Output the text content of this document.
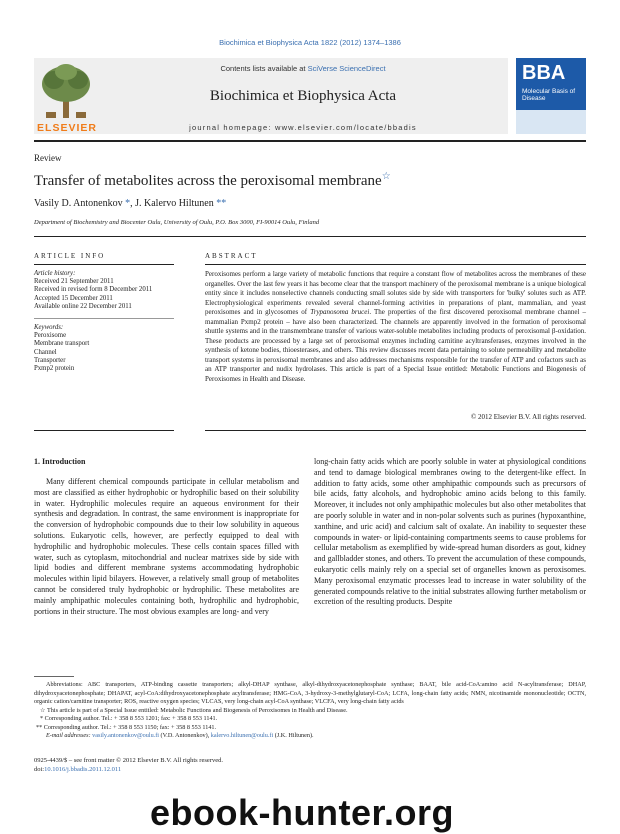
Biochimica et Biophysica Acta 1822 (2012) 1374–1386
ELSEVIER
Contents lists available at SciVerse ScienceDirect
Biochimica et Biophysica Acta
journal homepage: www.elsevier.com/locate/bbadis
BBA
Molecular Basis of Disease
Review
Transfer of metabolites across the peroxisomal membrane☆
Vasily D. Antonenkov *, J. Kalervo Hiltunen **
Department of Biochemistry and Biocenter Oulu, University of Oulu, P.O. Box 3000, FI-90014 Oulu, Finland
ARTICLE INFO
Article history:
Received 21 September 2011
Received in revised form 8 December 2011
Accepted 15 December 2011
Available online 22 December 2011
Keywords:
Peroxisome
Membrane transport
Channel
Transporter
Pxmp2 protein
ABSTRACT
Peroxisomes perform a large variety of metabolic functions that require a constant flow of metabolites across the membranes of these organelles. Over the last few years it has become clear that the transport machinery of the peroxisomal membrane is a unique biological entity since it includes nonselective channels conducting small solutes side by side with transporters for 'bulky' solutes such as ATP. Electrophysiological experiments revealed several channel-forming activities in preparations of plant, mammalian, and yeast peroxisomes and in glycosomes of Trypanosoma brucei. The properties of the first discovered peroxisomal membrane channel – mammalian Pxmp2 protein – have also been characterized. The channels are apparently involved in the formation of peroxisomal shuttle systems and in the transmembrane transfer of various water-soluble metabolites including products of peroxisomal β-oxidation. These products are processed by a large set of peroxisomal enzymes including carnitine acyltransferases, enzymes involved in the synthesis of ketone bodies, thioesterases, and others. This review discusses recent data pertaining to solute permeability and metabolite transport systems in peroxisomal membranes and also addresses mechanisms responsible for the transfer of ATP and cofactors such as an ATP transporter and nudix hydrolases. This article is part of a Special Issue entitled: Metabolic Functions and Biogenesis of Peroxisomes in Health and Disease.
© 2012 Elsevier B.V. All rights reserved.
1. Introduction

Many different chemical compounds participate in cellular metabolism and most are classified as either hydrophobic or hydrophilic based on their solubility in water. Hydrophilic molecules require an aqueous environment for their synthesis and degradation. In contrast, the same environment is inappropriate for the conversion of hydrophobic compounds due to their low solubility in aqueous solutions. Eukaryotic cells, however, are perfectly equipped to deal with hydrophilic and hydrophobic molecules. These cells contain spaces filled with water, such as cytoplasm, mitochondrial and nuclear matrixes side by side with lipid bodies and different membrane systems accommodating hydrophobic molecules within lipid bilayers. However, a relatively small group of metabolites cannot be considered truly hydrophobic or hydrophilic. These metabolites are mainly amphipathic molecules containing both, hydrophilic and hydrophobic, portions in their structure. The most obvious examples are long- and very

long-chain fatty acids which are poorly soluble in water at physiological conditions and tend to damage biological membranes owing to the detergent-like effect. In addition to fatty acids, some other amphipathic compounds such as precursors of bile acids, fatty alcohols, and hydrophobic amino acids belong to this family. Moreover, it includes not only amphipathic molecules but also other metabolites that are poorly soluble in water and in non-polar solvents such as purines (hypoxanthine, xanthine, and uric acid) and calcium salt of oxalate. An inability to sequester these compounds in water- or lipid-containing compartments seems to cause problems for cellular metabolism as exemplified by wide-spread human disorders as gout, kidney and gallbladder stones, and others. To prevent the accumulation of these compounds, eukaryotic cells mainly rely on a special set of organelles known as peroxisomes. Many peroxisomal enzymatic processes lead to increase in water solubility of the generated compounds relative to the initial substrates allowing further metabolism or excretion of the resulting products. Despite

Abbreviations: ABC transporters, ATP-binding cassette transporters; alkyl-DHAP synthase, alkyl-dihydroxyacetonephosphate synthase; BAAT, bile acid-CoA:amino acid N-acyltransferase; DHAP, dihydroxyacetonephosphate; DHAPAT, acyl-CoA:dihydroxyacetonephosphate acyltransferase; HMG-CoA, 3-hydroxy-3-methylglutaryl-CoA; LCFA, long-chain fatty acids; NMN, nicotinamide mononucleotide; OCTN, organic cation/carnitine transporter; ROS, reactive oxygen species; VLCAS, very long-chain acyl-CoA synthase; VLCFA, very long-chain fatty acids

☆ This article is part of a Special Issue entitled: Metabolic Functions and Biogenesis of Peroxisomes in Health and Disease.

* Corresponding author. Tel.: + 358 8 553 1201; fax: + 358 8 553 1141.

** Corresponding author. Tel.: + 358 8 553 1150; fax: + 358 8 553 1141.

E-mail addresses: vasily.antonenkov@oulu.fi (V.D. Antonenkov), kalervo.hiltunen@oulu.fi (J.K. Hiltunen).

0925-4439/$ – see front matter © 2012 Elsevier B.V. All rights reserved.
doi:10.1016/j.bbadis.2011.12.011
ebook-hunter.org
